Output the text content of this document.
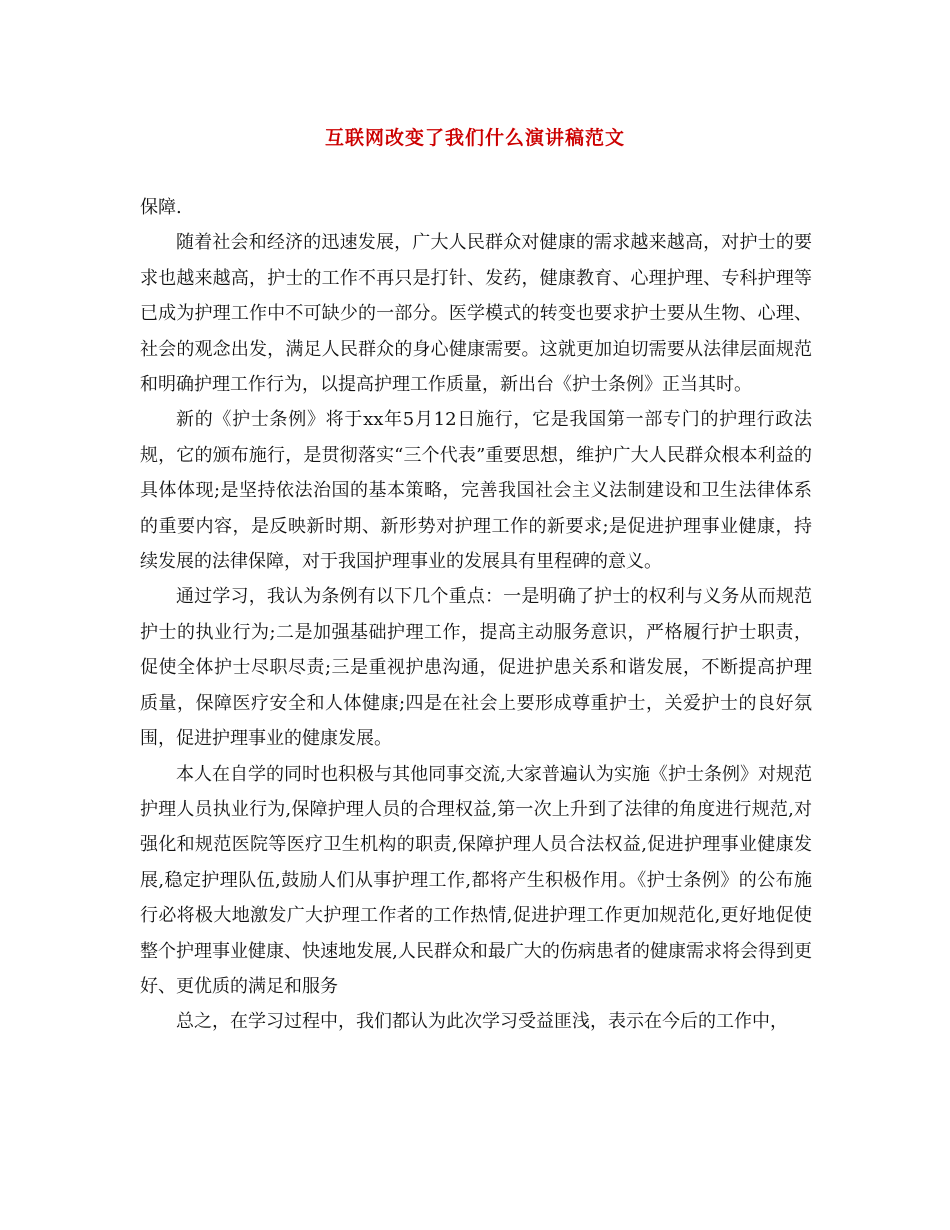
互联网改变了我们什么演讲稿范文

保障.

随着社会和经济的迅速发展，广大人民群众对健康的需求越来越高，对护士的要求也越来越高，护士的工作不再只是打针、发药，健康教育、心理护理、专科护理等已成为护理工作中不可缺少的一部分。医学模式的转变也要求护士要从生物、心理、社会的观念出发，满足人民群众的身心健康需要。这就更加迫切需要从法律层面规范和明确护理工作行为，以提高护理工作质量，新出台《护士条例》正当其时。

新的《护士条例》将于xx年5月12日施行，它是我国第一部专门的护理行政法规，它的颁布施行，是贯彻落实“三个代表”重要思想，维护广大人民群众根本利益的具体体现;是坚持依法治国的基本策略，完善我国社会主义法制建设和卫生法律体系的重要内容，是反映新时期、新形势对护理工作的新要求;是促进护理事业健康，持续发展的法律保障，对于我国护理事业的发展具有里程碑的意义。

通过学习，我认为条例有以下几个重点：一是明确了护士的权利与义务从而规范护士的执业行为;二是加强基础护理工作，提高主动服务意识，严格履行护士职责，促使全体护士尽职尽责;三是重视护患沟通，促进护患关系和谐发展，不断提高护理质量，保障医疗安全和人体健康;四是在社会上要形成尊重护士，关爱护士的良好氛围，促进护理事业的健康发展。

本人在自学的同时也积极与其他同事交流,大家普遍认为实施《护士条例》对规范护理人员执业行为,保障护理人员的合理权益,第一次上升到了法律的角度进行规范,对强化和规范医院等医疗卫生机构的职责,保障护理人员合法权益,促进护理事业健康发展,稳定护理队伍,鼓励人们从事护理工作,都将产生积极作用。《护士条例》的公布施行必将极大地激发广大护理工作者的工作热情,促进护理工作更加规范化,更好地促使整个护理事业健康、快速地发展,人民群众和最广大的伤病患者的健康需求将会得到更好、更优质的满足和服务

总之，在学习过程中，我们都认为此次学习受益匪浅，表示在今后的工作中，
